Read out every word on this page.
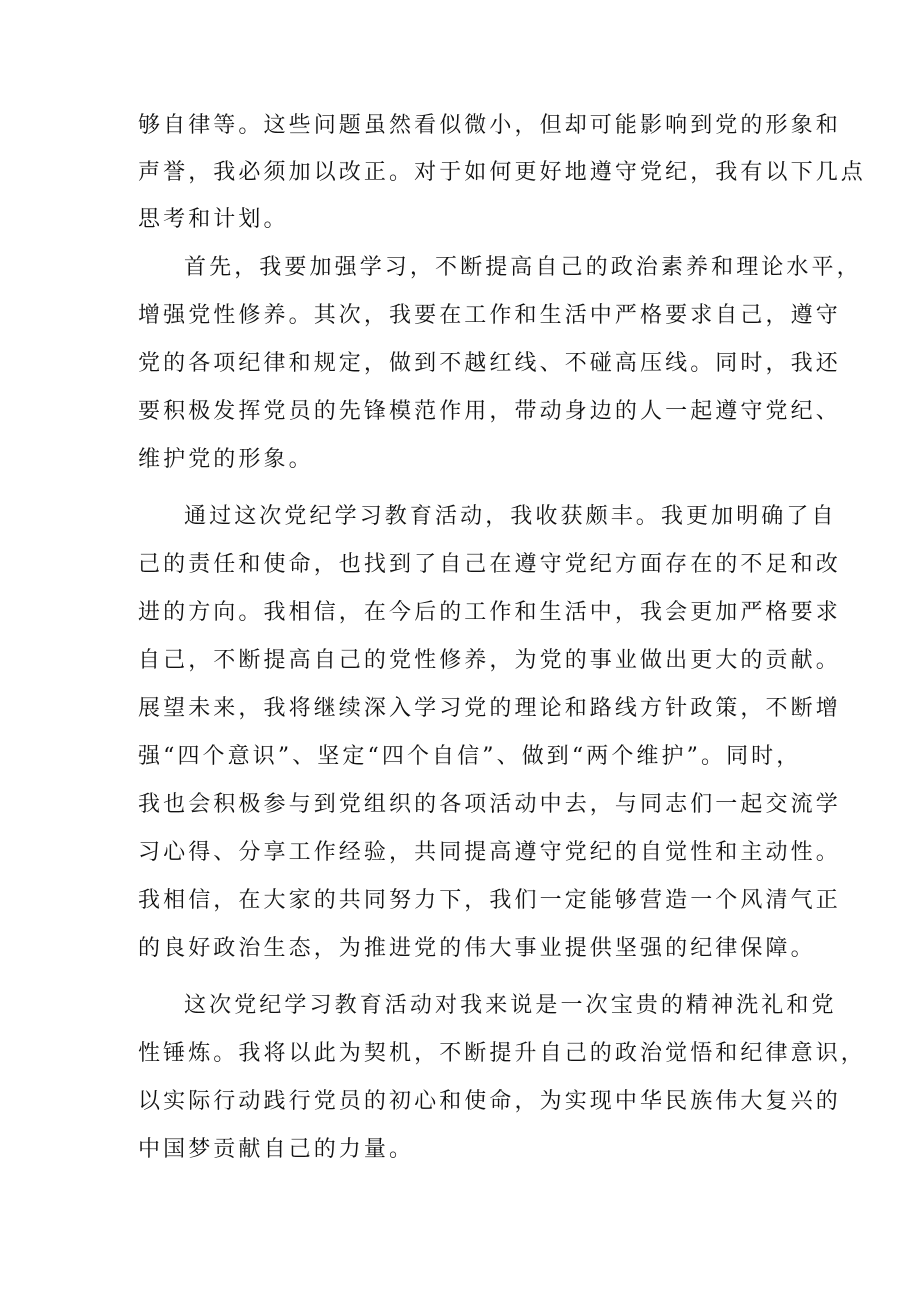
够自律等。这些问题虽然看似微小，但却可能影响到党的形象和
声誉，我必须加以改正。对于如何更好地遵守党纪，我有以下几点
思考和计划。
首先，我要加强学习，不断提高自己的政治素养和理论水平，
增强党性修养。其次，我要在工作和生活中严格要求自己，遵守
党的各项纪律和规定，做到不越红线、不碰高压线。同时，我还
要积极发挥党员的先锋模范作用，带动身边的人一起遵守党纪、
维护党的形象。
通过这次党纪学习教育活动，我收获颇丰。我更加明确了自
己的责任和使命，也找到了自己在遵守党纪方面存在的不足和改
进的方向。我相信，在今后的工作和生活中，我会更加严格要求
自己，不断提高自己的党性修养，为党的事业做出更大的贡献。
展望未来，我将继续深入学习党的理论和路线方针政策，不断增
强“四个意识”、坚定“四个自信”、做到“两个维护”。同时，
我也会积极参与到党组织的各项活动中去，与同志们一起交流学
习心得、分享工作经验，共同提高遵守党纪的自觉性和主动性。
我相信，在大家的共同努力下，我们一定能够营造一个风清气正
的良好政治生态，为推进党的伟大事业提供坚强的纪律保障。
这次党纪学习教育活动对我来说是一次宝贵的精神洗礼和党
性锤炼。我将以此为契机，不断提升自己的政治觉悟和纪律意识，
以实际行动践行党员的初心和使命，为实现中华民族伟大复兴的
中国梦贡献自己的力量。
